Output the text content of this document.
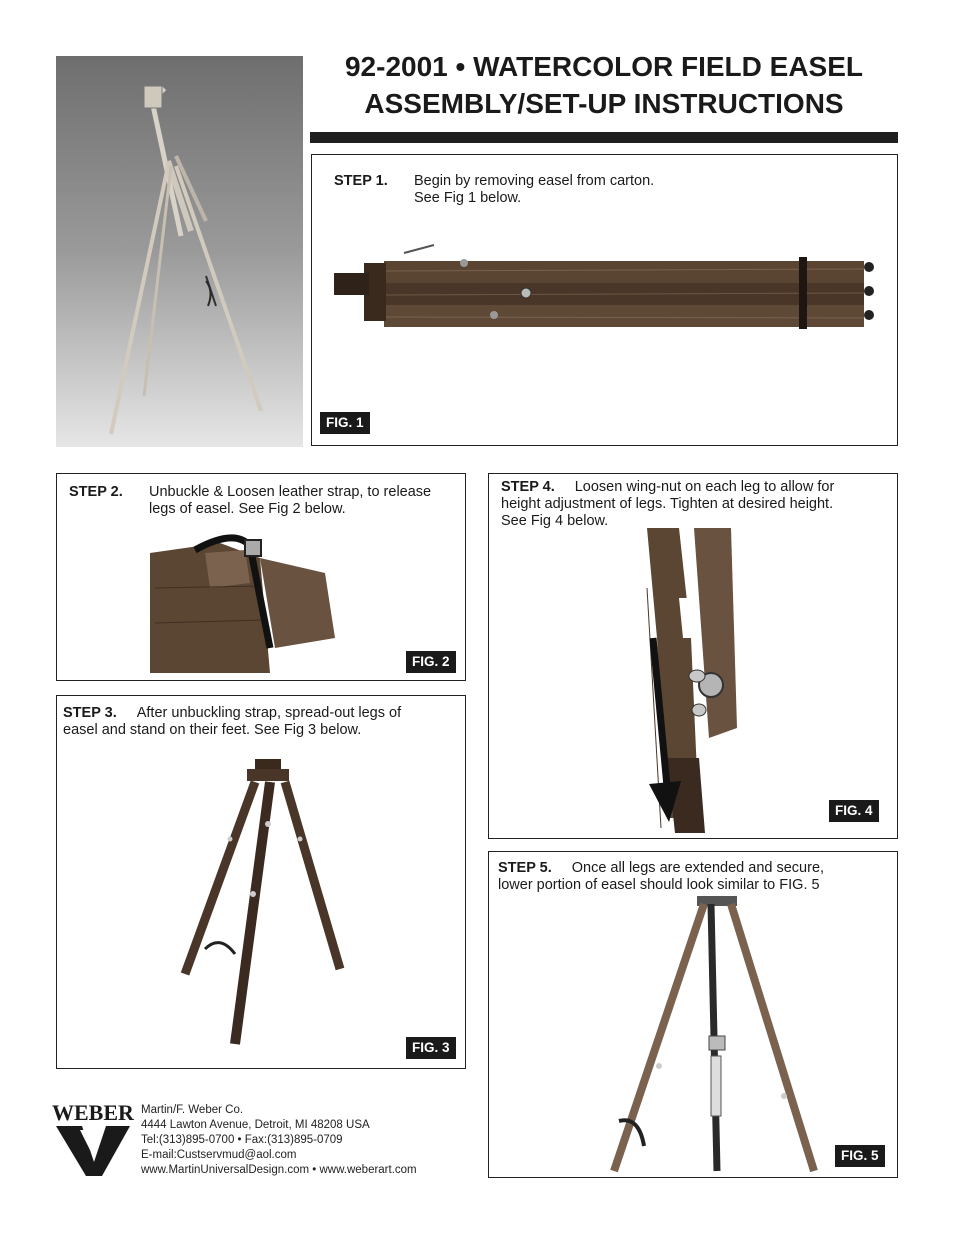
92-2001 • WATERCOLOR FIELD EASEL
ASSEMBLY/SET-UP INSTRUCTIONS
STEP 1. Begin by removing easel from carton.
See Fig 1 below.
FIG. 1
STEP 2. Unbuckle & Loosen leather strap, to release
legs of easel. See Fig 2 below.
FIG. 2
STEP 3. After unbuckling strap, spread-out legs of
easel and stand on their feet. See Fig 3 below.
FIG. 3
STEP 4. Loosen wing-nut on each leg to allow for
height adjustment of legs. Tighten at desired height.
See Fig 4 below.
FIG. 4
STEP 5. Once all legs are extended and secure,
lower portion of easel should look similar to FIG. 5
FIG. 5
WEBER Martin/F. Weber Co.
4444 Lawton Avenue, Detroit, MI 48208 USA
Tel:(313)895-0700 • Fax:(313)895-0709
E-mail:Custservmud@aol.com
www.MartinUniversalDesign.com • www.weberart.com
